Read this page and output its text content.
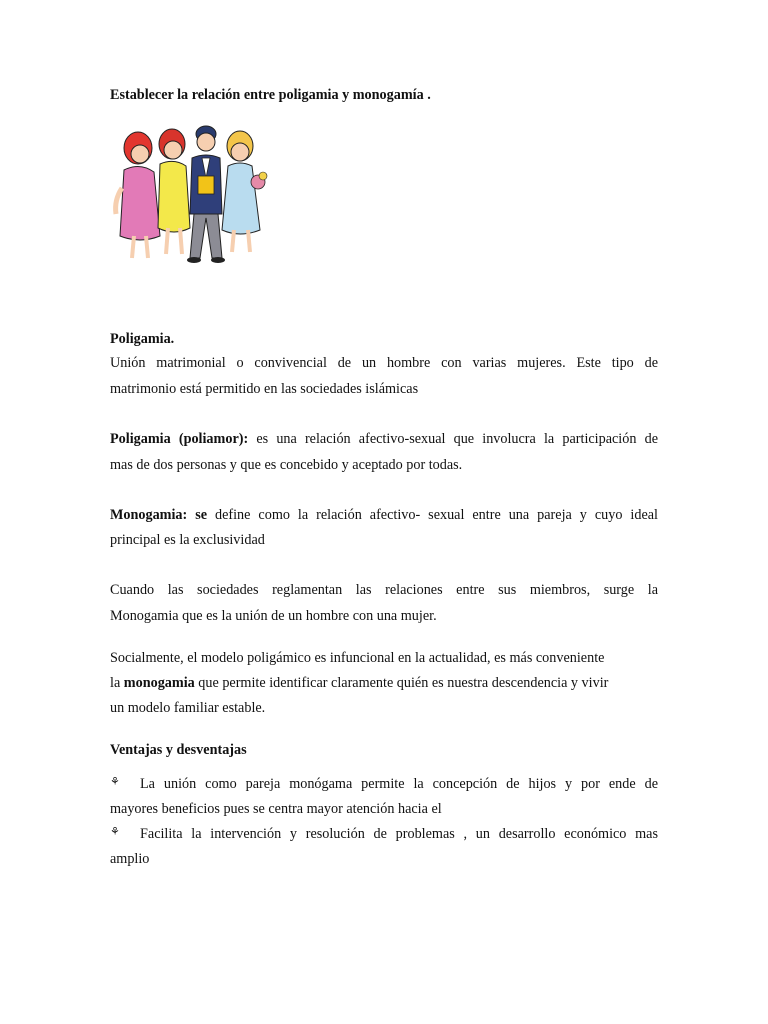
Establecer la relación entre poligamia y monogamía .
Poligamia.
Unión matrimonial o convivencial de un hombre con varias mujeres. Este tipo de
matrimonio está permitido en las sociedades islámicas
Poligamia (poliamor): es una relación afectivo-sexual que involucra la participación de
mas de dos personas y que es concebido y aceptado por todas.
Monogamia: se define como la relación afectivo- sexual entre una pareja y cuyo ideal
principal es la exclusividad
Cuando las sociedades reglamentan las relaciones entre sus miembros, surge la
Monogamia que es la unión de un hombre con una mujer.
Socialmente, el modelo poligámico es infuncional en la actualidad, es más conveniente
la monogamia que permite identificar claramente quién es nuestra descendencia y vivir
un modelo familiar estable.
Ventajas y desventajas
⚘ La unión como pareja monógama permite la concepción de hijos y por ende de
mayores beneficios pues se centra mayor atención hacia el
⚘ Facilita la intervención y resolución de problemas , un desarrollo económico mas
amplio
